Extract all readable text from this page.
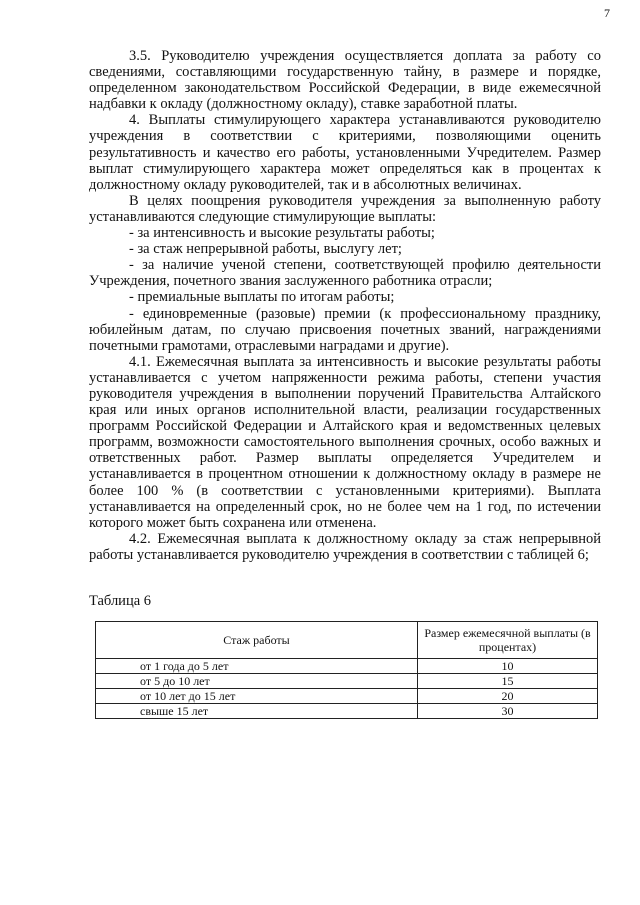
7

3.5. Руководителю учреждения осуществляется доплата за работу со сведениями, составляющими государственную тайну, в размере и порядке, определенном законодательством Российской Федерации, в виде ежемесячной надбавки к окладу (должностному окладу), ставке заработной платы.

4. Выплаты стимулирующего характера устанавливаются руководителю учреждения в соответствии с критериями, позволяющими оценить результативность и качество его работы, установленными Учредителем. Размер выплат стимулирующего характера может определяться как в процентах к должностному окладу руководителей, так и в абсолютных величинах.

В целях поощрения руководителя учреждения за выполненную работу устанавливаются следующие стимулирующие выплаты:

- за интенсивность и высокие результаты работы;

- за стаж непрерывной работы, выслугу лет;

- за наличие ученой степени, соответствующей профилю деятельности Учреждения, почетного звания заслуженного работника отрасли;

- премиальные выплаты по итогам работы;

- единовременные (разовые) премии (к профессиональному празднику, юбилейным датам, по случаю присвоения почетных званий, награждениями почетными грамотами, отраслевыми наградами и другие).

4.1. Ежемесячная выплата за интенсивность и высокие результаты работы устанавливается с учетом напряженности режима работы, степени участия руководителя учреждения в выполнении поручений Правительства Алтайского края или иных органов исполнительной власти, реализации государственных программ Российской Федерации и Алтайского края и ведомственных целевых программ, возможности самостоятельного выполнения срочных, особо важных и ответственных работ. Размер выплаты определяется Учредителем и устанавливается в процентном отношении к должностному окладу в размере не более 100 % (в соответствии с установленными критериями). Выплата устанавливается на определенный срок, но не более чем на 1 год, по истечении которого может быть сохранена или отменена.

4.2. Ежемесячная выплата к должностному окладу за стаж непрерывной работы устанавливается руководителю учреждения в соответствии с таблицей 6;

Таблица 6

Стаж работы	Размер ежемесячной выплаты (в процентах)
от 1 года до 5 лет	10
от 5 до 10 лет	15
от 10 лет до 15 лет	20
свыше 15 лет	30
